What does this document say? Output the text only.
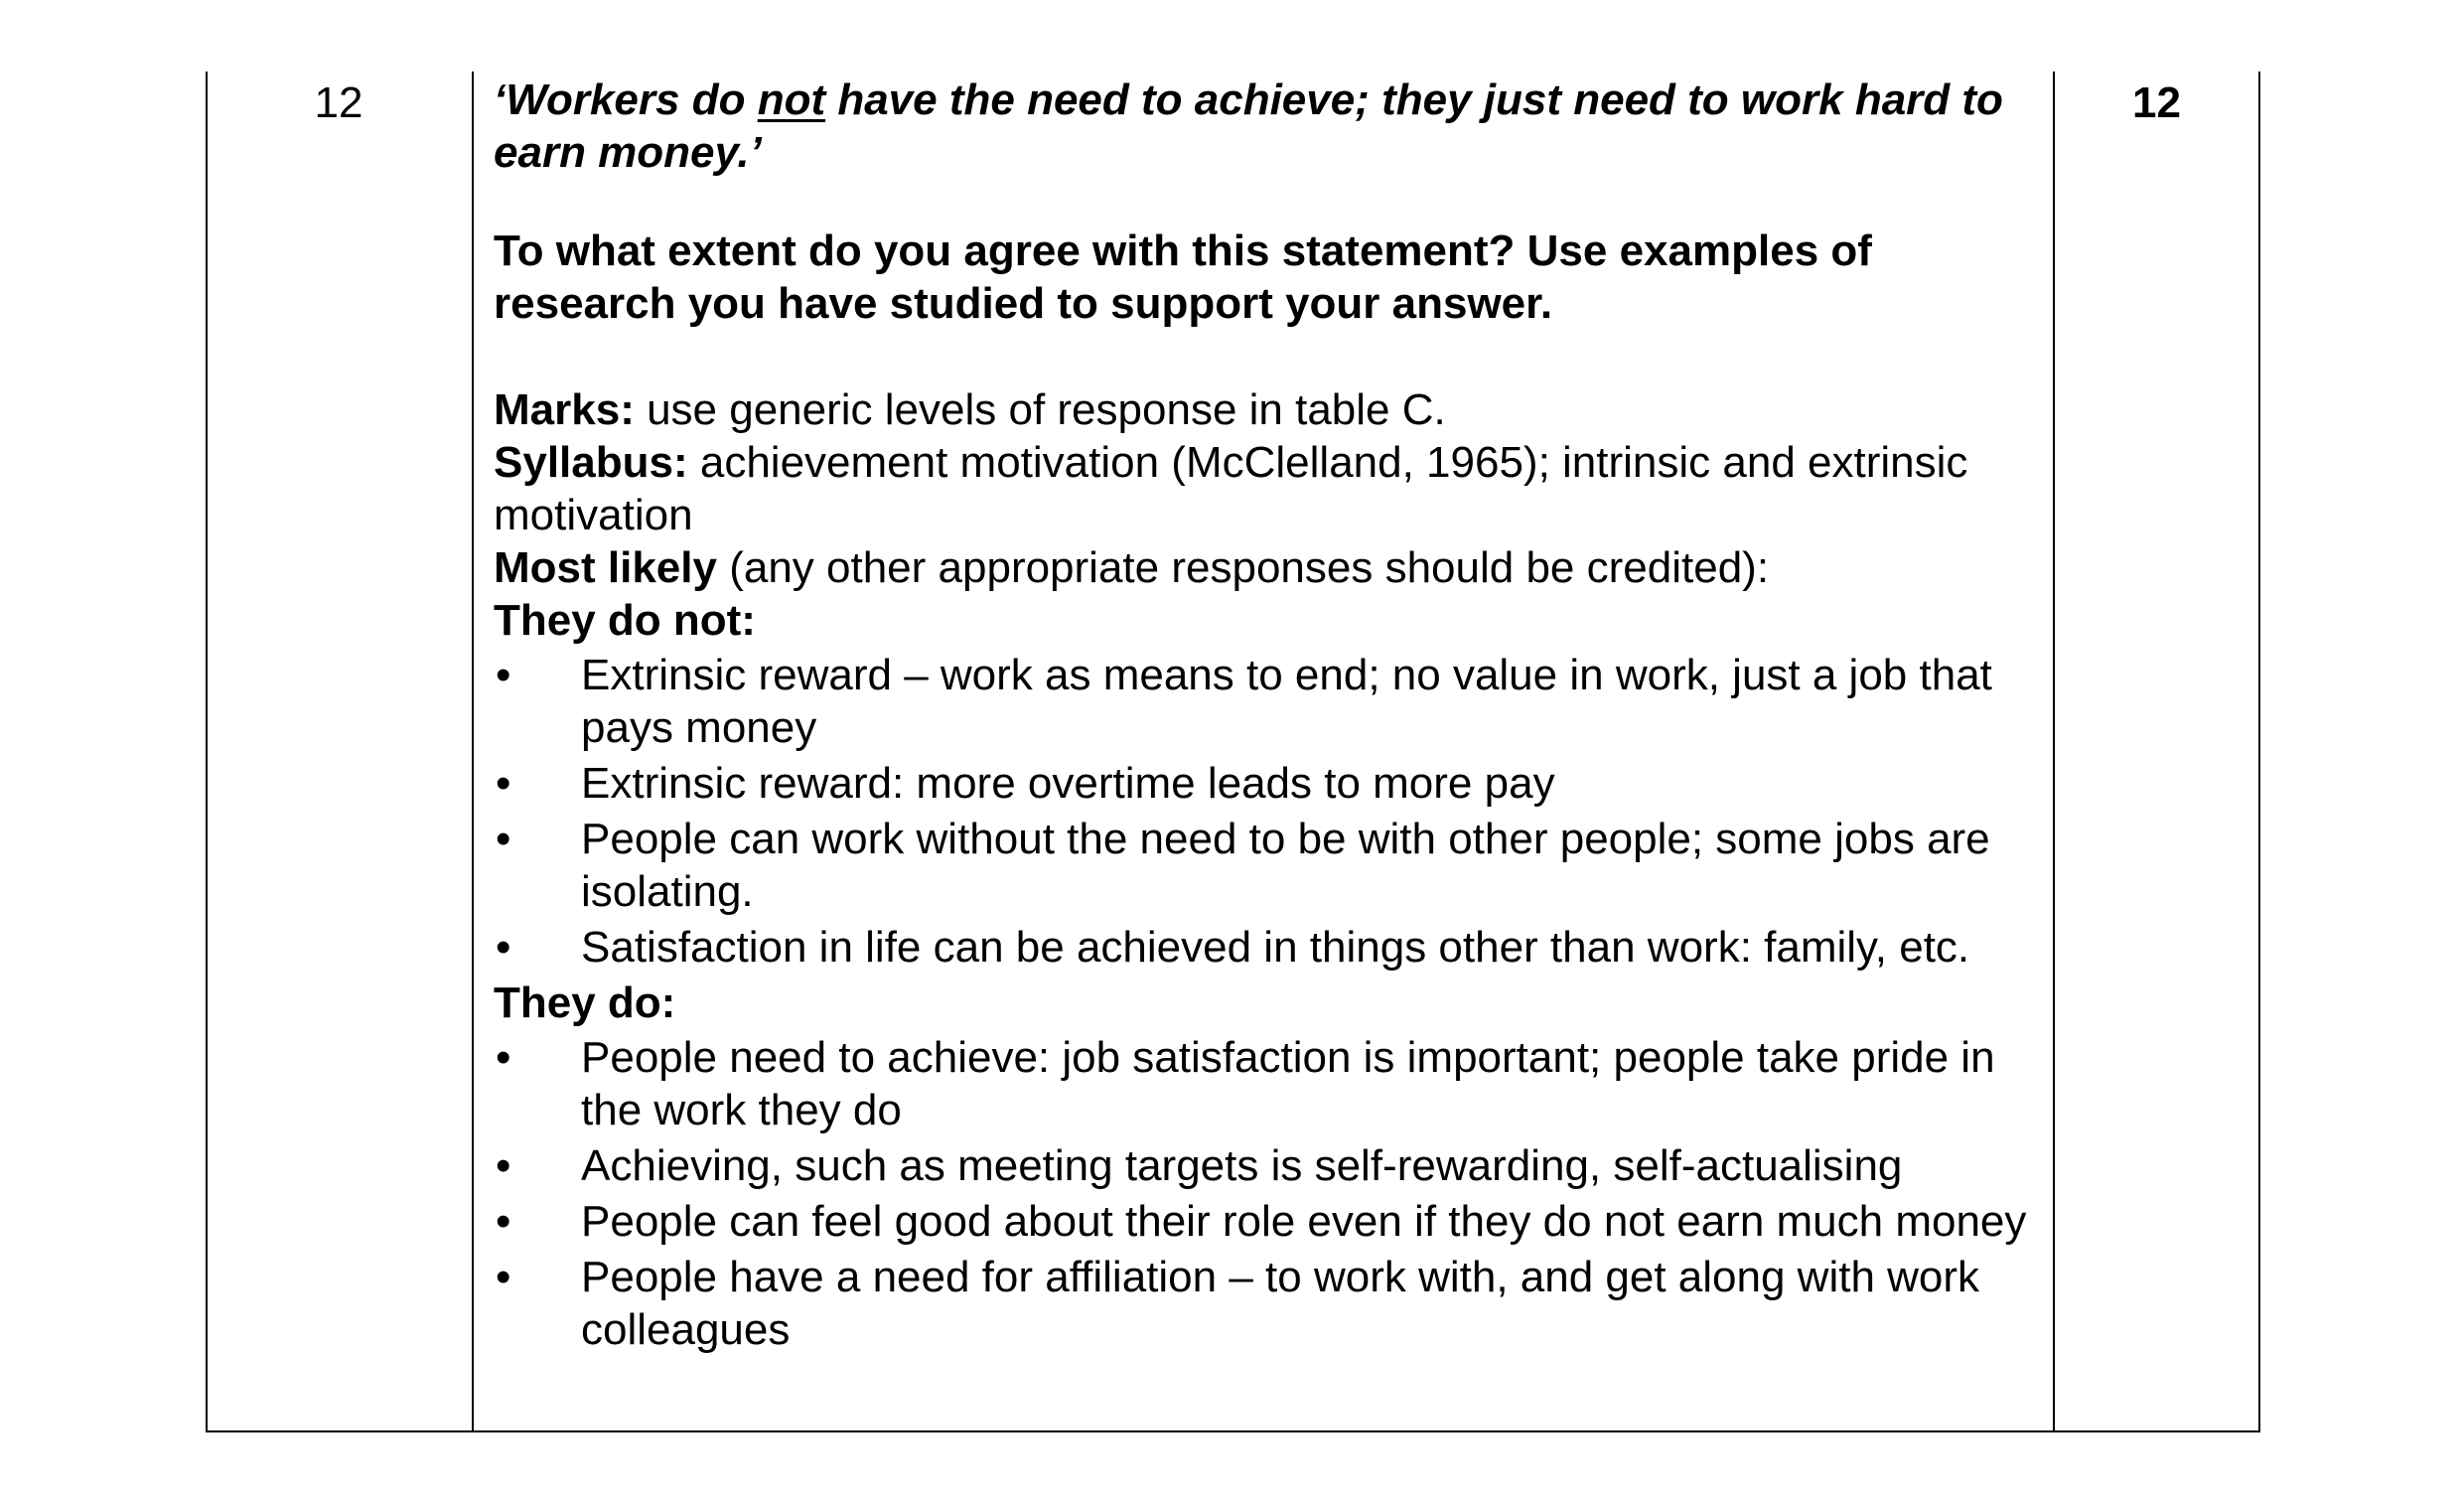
12	‘Workers do not have the need to achieve; they just need to work hard to earn money.’

To what extent do you agree with this statement? Use examples of research you have studied to support your answer.

Marks: use generic levels of response in table C.

Syllabus: achievement motivation (McClelland, 1965); intrinsic and extrinsic motivation

Most likely (any other appropriate responses should be credited):

They do not:

•	Extrinsic reward – work as means to end; no value in work, just a job that pays money
•	Extrinsic reward: more overtime leads to more pay
•	People can work without the need to be with other people; some jobs are isolating.
•	Satisfaction in life can be achieved in things other than work: family, etc.

They do:

•	People need to achieve: job satisfaction is important; people take pride in the work they do
•	Achieving, such as meeting targets is self-rewarding, self-actualising
•	People can feel good about their role even if they do not earn much money
•	People have a need for affiliation – to work with, and get along with work colleagues
12
